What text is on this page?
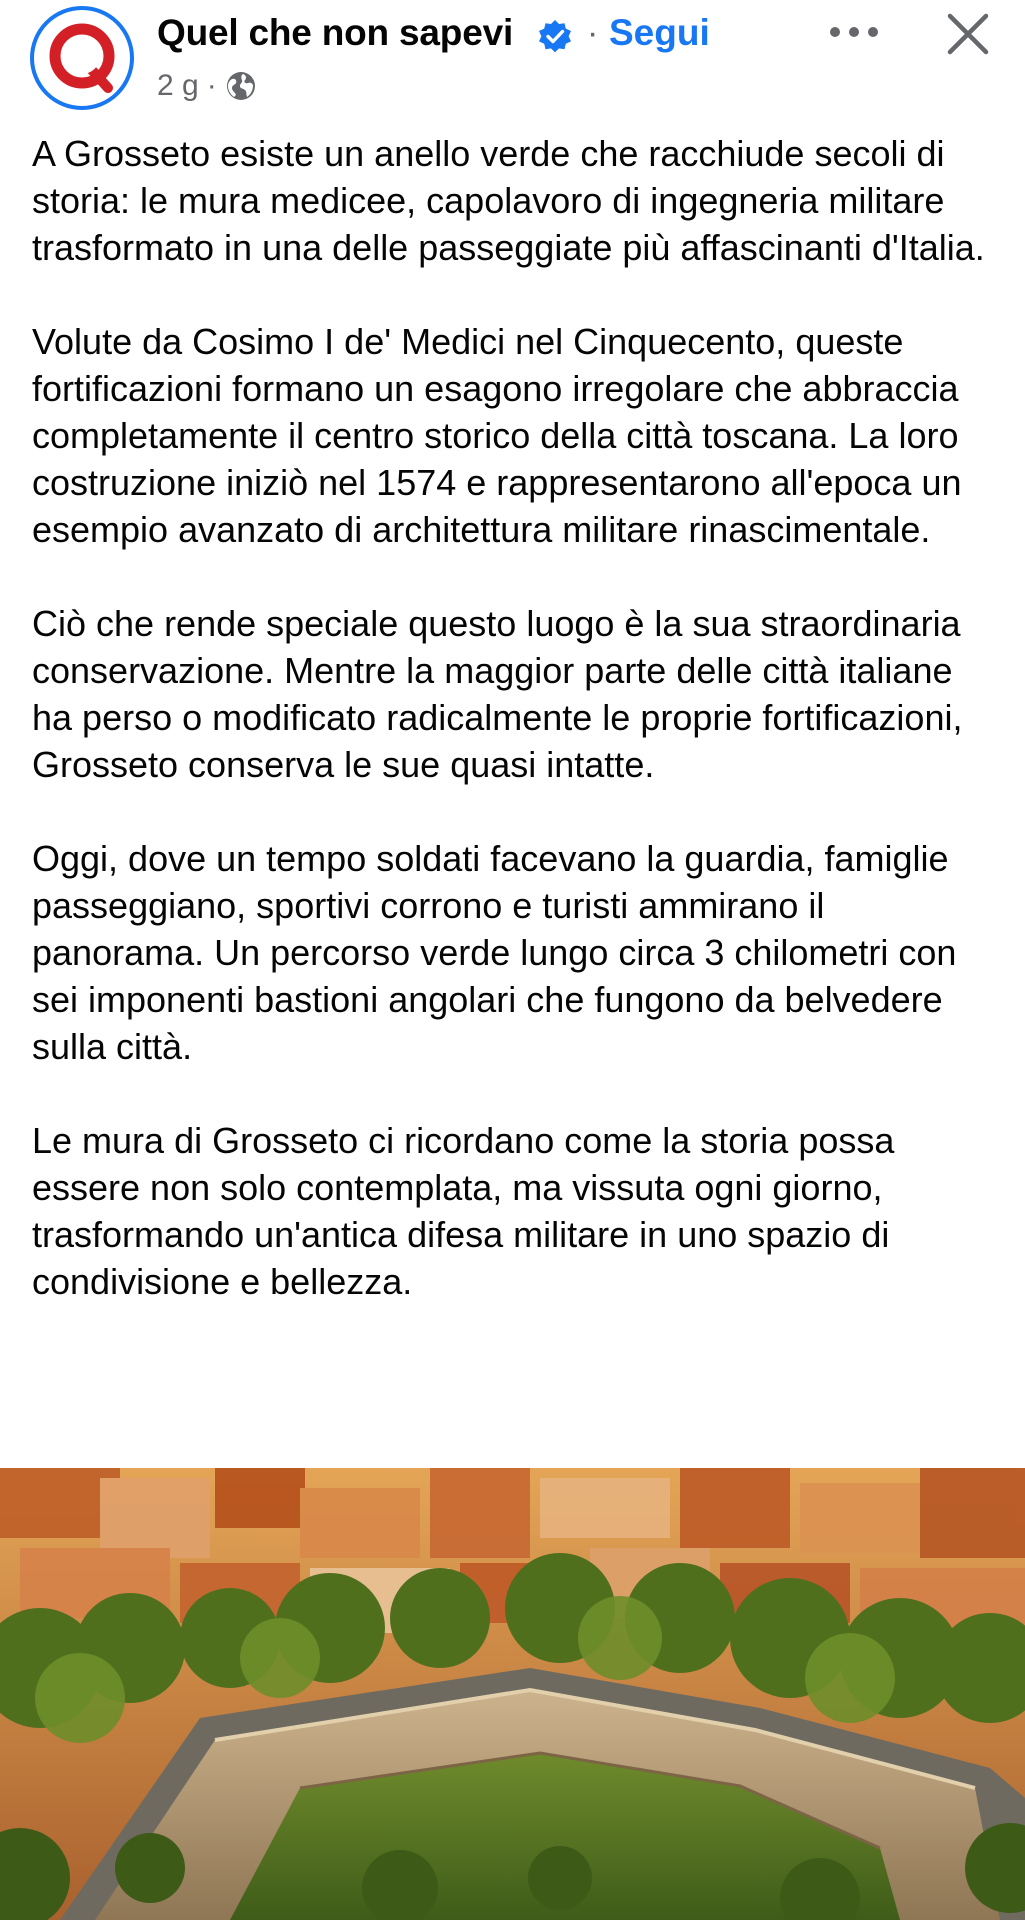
Quel che non sapevi · Segui
2 g ·

A Grosseto esiste un anello verde che racchiude secoli di storia: le mura medicee, capolavoro di ingegneria militare trasformato in una delle passeggiate più affascinanti d'Italia.

Volute da Cosimo I de' Medici nel Cinquecento, queste fortificazioni formano un esagono irregolare che abbraccia completamente il centro storico della città toscana. La loro costruzione iniziò nel 1574 e rappresentarono all'epoca un esempio avanzato di architettura militare rinascimentale.

Ciò che rende speciale questo luogo è la sua straordinaria conservazione. Mentre la maggior parte delle città italiane ha perso o modificato radicalmente le proprie fortificazioni, Grosseto conserva le sue quasi intatte.

Oggi, dove un tempo soldati facevano la guardia, famiglie passeggiano, sportivi corrono e turisti ammirano il panorama. Un percorso verde lungo circa 3 chilometri con sei imponenti bastioni angolari che fungono da belvedere sulla città.

Le mura di Grosseto ci ricordano come la storia possa essere non solo contemplata, ma vissuta ogni giorno, trasformando un'antica difesa militare in uno spazio di condivisione e bellezza.
